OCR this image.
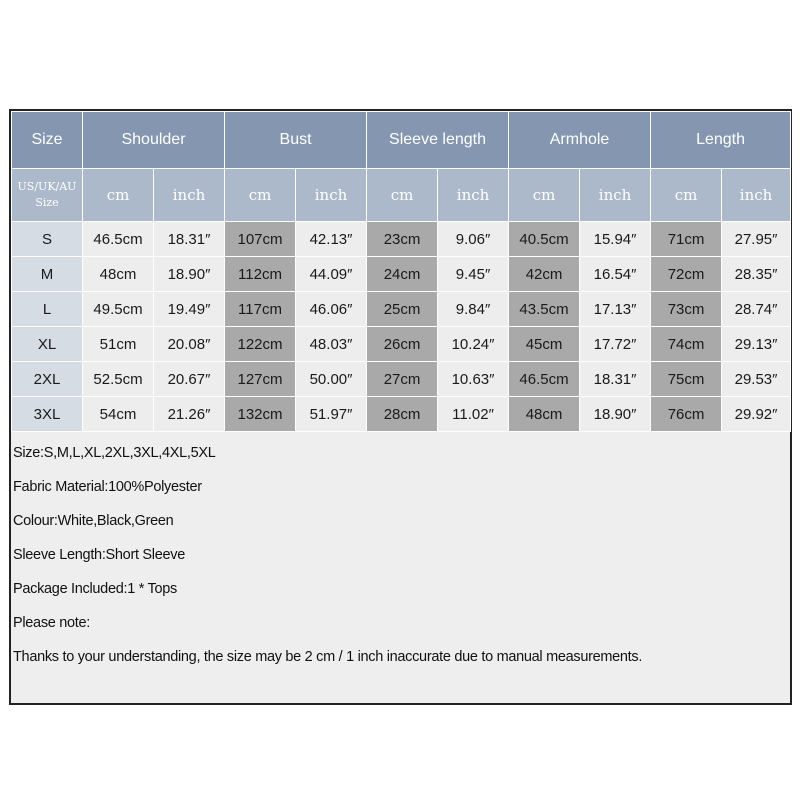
Size	Shoulder		Bust		Sleeve length		Armhole		Length	

US/UK/AU
Size	cm	inch	cm	inch	cm	inch	cm	inch	cm	inch
S	46.5cm	18.31″	107cm	42.13″	23cm	9.06″	40.5cm	15.94″	71cm	27.95″
M	48cm	18.90″	112cm	44.09″	24cm	9.45″	42cm	16.54″	72cm	28.35″
L	49.5cm	19.49″	117cm	46.06″	25cm	9.84″	43.5cm	17.13″	73cm	28.74″
XL	51cm	20.08″	122cm	48.03″	26cm	10.24″	45cm	17.72″	74cm	29.13″
2XL	52.5cm	20.67″	127cm	50.00″	27cm	10.63″	46.5cm	18.31″	75cm	29.53″
3XL	54cm	21.26″	132cm	51.97″	28cm	11.02″	48cm	18.90″	76cm	29.92″
Size:S,M,L,XL,2XL,3XL,4XL,5XL
Fabric Material:100%Polyester
Colour:White,Black,Green
Sleeve Length:Short Sleeve
Package Included:1 * Tops
Please note:
Thanks to your understanding, the size may be 2 cm / 1 inch inaccurate due to manual measurements.
